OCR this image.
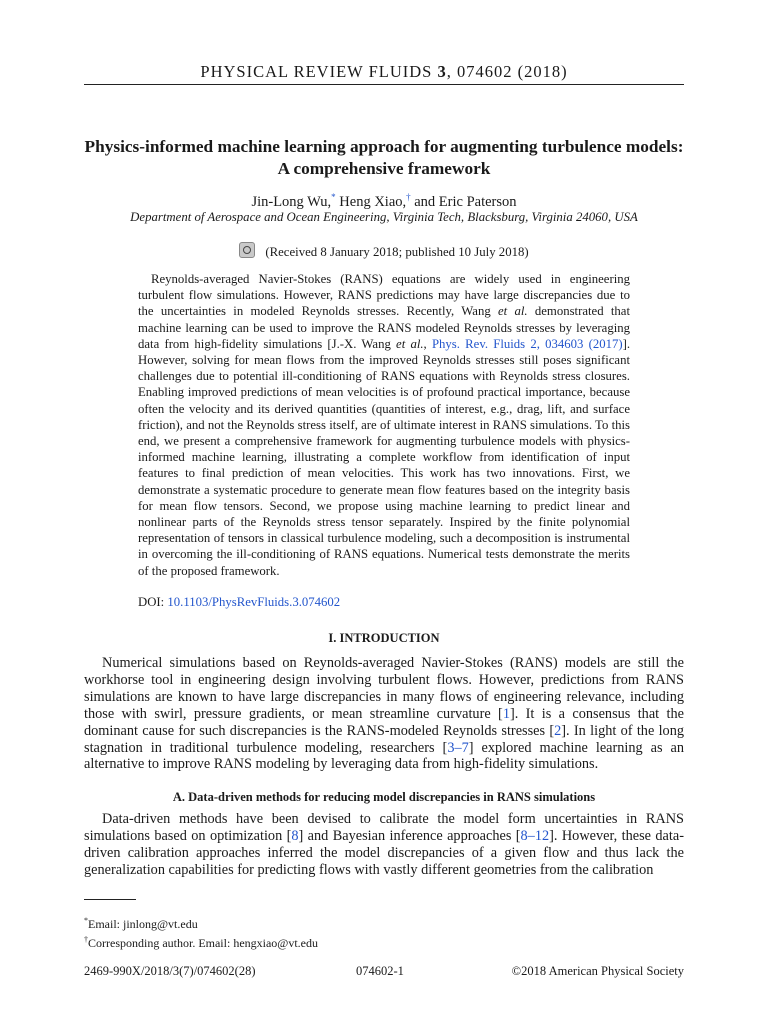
PHYSICAL REVIEW FLUIDS 3, 074602 (2018)
Physics-informed machine learning approach for augmenting turbulence models: A comprehensive framework
Jin-Long Wu,* Heng Xiao,† and Eric Paterson
Department of Aerospace and Ocean Engineering, Virginia Tech, Blacksburg, Virginia 24060, USA
(Received 8 January 2018; published 10 July 2018)

Reynolds-averaged Navier-Stokes (RANS) equations are widely used in engineering turbulent flow simulations. However, RANS predictions may have large discrepancies due to the uncertainties in modeled Reynolds stresses. Recently, Wang et al. demonstrated that machine learning can be used to improve the RANS modeled Reynolds stresses by leveraging data from high-fidelity simulations [J.-X. Wang et al., Phys. Rev. Fluids 2, 034603 (2017)]. However, solving for mean flows from the improved Reynolds stresses still poses significant challenges due to potential ill-conditioning of RANS equations with Reynolds stress closures. Enabling improved predictions of mean velocities is of profound practical importance, because often the velocity and its derived quantities (quantities of interest, e.g., drag, lift, and surface friction), and not the Reynolds stress itself, are of ultimate interest in RANS simulations. To this end, we present a comprehensive framework for augmenting turbulence models with physics-informed machine learning, illustrating a complete workflow from identification of input features to final prediction of mean velocities. This work has two innovations. First, we demonstrate a systematic procedure to generate mean flow features based on the integrity basis for mean flow tensors. Second, we propose using machine learning to predict linear and nonlinear parts of the Reynolds stress tensor separately. Inspired by the finite polynomial representation of tensors in classical turbulence modeling, such a decomposition is instrumental in overcoming the ill-conditioning of RANS equations. Numerical tests demonstrate the merits of the proposed framework.

DOI: 10.1103/PhysRevFluids.3.074602
I. INTRODUCTION

Numerical simulations based on Reynolds-averaged Navier-Stokes (RANS) models are still the workhorse tool in engineering design involving turbulent flows. However, predictions from RANS simulations are known to have large discrepancies in many flows of engineering relevance, including those with swirl, pressure gradients, or mean streamline curvature [1]. It is a consensus that the dominant cause for such discrepancies is the RANS-modeled Reynolds stresses [2]. In light of the long stagnation in traditional turbulence modeling, researchers [3–7] explored machine learning as an alternative to improve RANS modeling by leveraging data from high-fidelity simulations.

A. Data-driven methods for reducing model discrepancies in RANS simulations

Data-driven methods have been devised to calibrate the model form uncertainties in RANS simulations based on optimization [8] and Bayesian inference approaches [8–12]. However, these data-driven calibration approaches inferred the model discrepancies of a given flow and thus lack the generalization capabilities for predicting flows with vastly different geometries from the calibration

*Email: jinlong@vt.edu
†Corresponding author. Email: hengxiao@vt.edu
2469-990X/2018/3(7)/074602(28)	074602-1	©2018 American Physical Society
